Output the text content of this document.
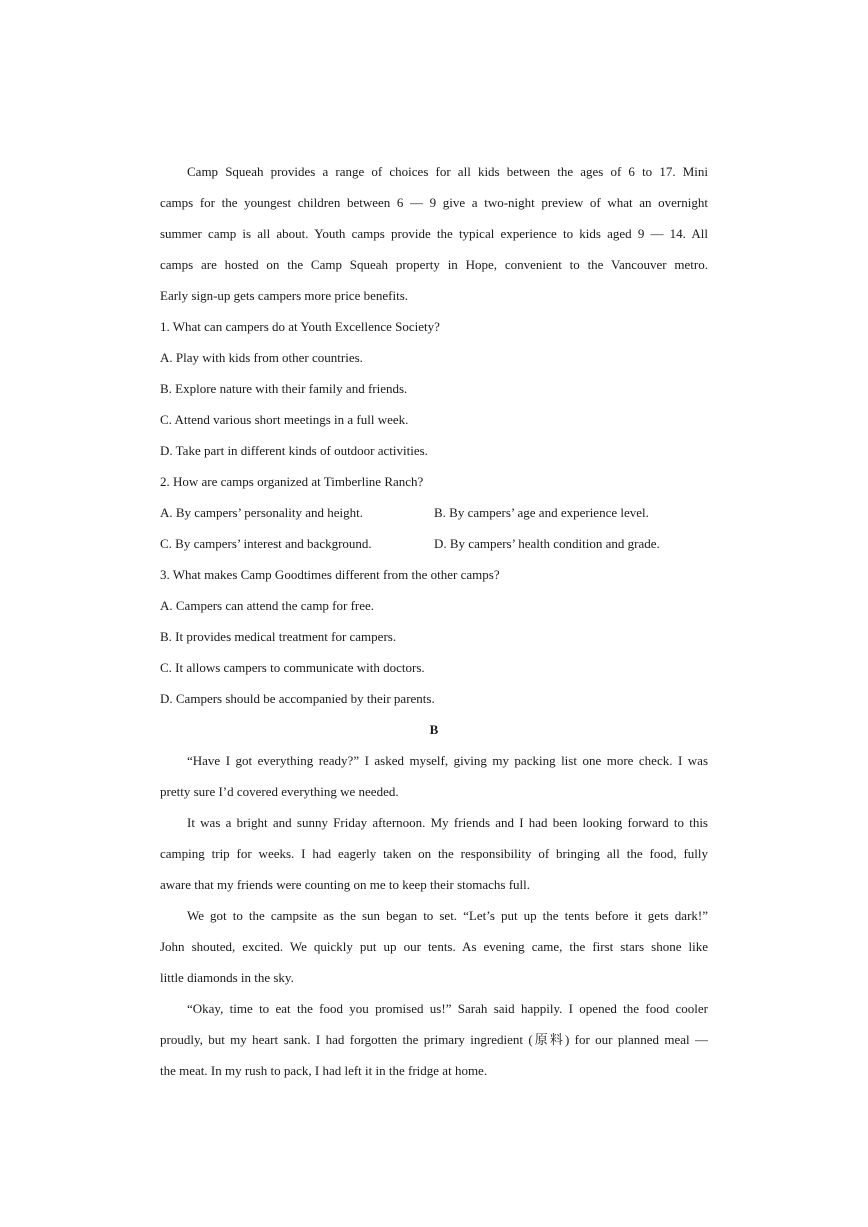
Camp Squeah provides a range of choices for all kids between the ages of 6 to 17. Mini
camps for the youngest children between 6 — 9 give a two-night preview of what an overnight
summer camp is all about. Youth camps provide the typical experience to kids aged 9 — 14. All
camps are hosted on the Camp Squeah property in Hope, convenient to the Vancouver metro.
Early sign-up gets campers more price benefits.
1. What can campers do at Youth Excellence Society?
A. Play with kids from other countries.
B. Explore nature with their family and friends.
C. Attend various short meetings in a full week.
D. Take part in different kinds of outdoor activities.
2. How are camps organized at Timberline Ranch?
A. By campers’ personality and height.	B. By campers’ age and experience level.
C. By campers’ interest and background.	D. By campers’ health condition and grade.
3. What makes Camp Goodtimes different from the other camps?
A. Campers can attend the camp for free.
B. It provides medical treatment for campers.
C. It allows campers to communicate with doctors.
D. Campers should be accompanied by their parents.
B
“Have I got everything ready?” I asked myself, giving my packing list one more check. I was
pretty sure I’d covered everything we needed.
It was a bright and sunny Friday afternoon. My friends and I had been looking forward to this
camping trip for weeks. I had eagerly taken on the responsibility of bringing all the food, fully
aware that my friends were counting on me to keep their stomachs full.
We got to the campsite as the sun began to set. “Let’s put up the tents before it gets dark!”
John shouted, excited. We quickly put up our tents. As evening came, the first stars shone like
little diamonds in the sky.
“Okay, time to eat the food you promised us!” Sarah said happily. I opened the food cooler
proudly, but my heart sank. I had forgotten the primary ingredient (原料) for our planned meal —
the meat. In my rush to pack, I had left it in the fridge at home.
